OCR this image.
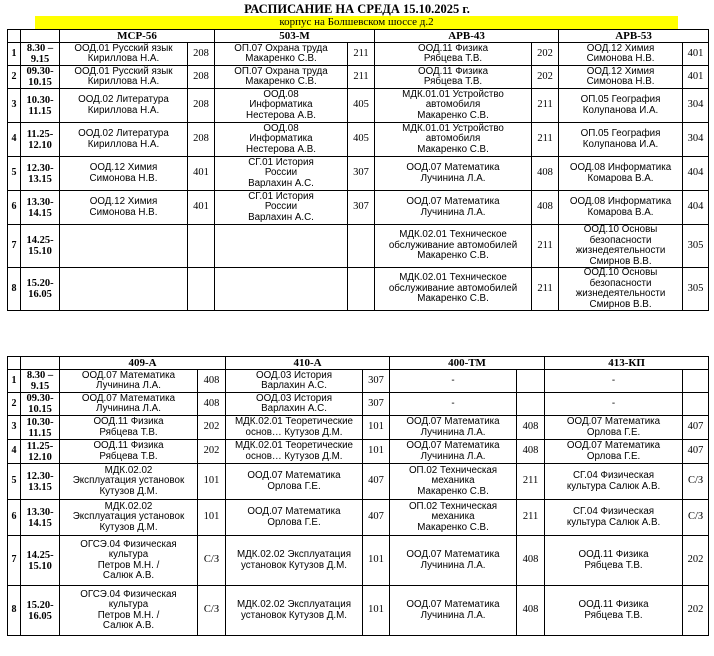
РАСПИСАНИЕ НА СРЕДА 15.10.2025 г.
корпус на Болшевском шоссе д.2
		МСР-56		503-М		АРВ-43		АРВ-53	
1	8.30 –
9.15	ООД.01 Русский язык
Кириллова Н.А.	208	ОП.07 Охрана труда
Макаренко С.В.	211	ООД.11 Физика
Рябцева Т.В.	202	ООД.12 Химия
Симонова Н.В.	401
2	09.30-
10.15	ООД.01 Русский язык
Кириллова Н.А.	208	ОП.07 Охрана труда
Макаренко С.В.	211	ООД.11 Физика
Рябцева Т.В.	202	ООД.12 Химия
Симонова Н.В.	401
3	10.30-
11.15	ООД.02 Литература
Кириллова Н.А.	208	ООД.08
Информатика
Нестерова А.В.	405	МДК.01.01 Устройство
автомобиля
Макаренко С.В.	211	ОП.05 География
Колупанова И.А.	304
4	11.25-
12.10	ООД.02 Литература
Кириллова Н.А.	208	ООД.08
Информатика
Нестерова А.В.	405	МДК.01.01 Устройство
автомобиля
Макаренко С.В.	211	ОП.05 География
Колупанова И.А.	304
5	12.30-
13.15	ООД.12 Химия
Симонова Н.В.	401	СГ.01 История
России
Варлахин А.С.	307	ООД.07 Математика
Лучинина Л.А.	408	ООД.08 Информатика
Комарова В.А.	404
6	13.30-
14.15	ООД.12 Химия
Симонова Н.В.	401	СГ.01 История
России
Варлахин А.С.	307	ООД.07 Математика
Лучинина Л.А.	408	ООД.08 Информатика
Комарова В.А.	404
7	14.25-
15.10					МДК.02.01 Техническое
обслуживание автомобилей
Макаренко С.В.	211	ООД.10 Основы
безопасности
жизнедеятельности
Смирнов В.В.	305
8	15.20-
16.05					МДК.02.01 Техническое
обслуживание автомобилей
Макаренко С.В.	211	ООД.10 Основы
безопасности
жизнедеятельности
Смирнов В.В.	305
		409-А		410-А		400-ТМ		413-КП	
1	8.30 –
9.15	ООД.07 Математика
Лучинина Л.А.	408	ООД.03 История
Варлахин А.С.	307	-		-	

2	09.30-
10.15	ООД.07 Математика
Лучинина Л.А.	408	ООД.03 История
Варлахин А.С.	307	-		-	

3	10.30-
11.15	ООД.11 Физика
Рябцева Т.В.	202	МДК.02.01 Теоретические
основ… Кутузов Д.М.	101	ООД.07 Математика
Лучинина Л.А.	408	ООД.07 Математика
Орлова Г.Е.	407
4	11.25-
12.10	ООД.11 Физика
Рябцева Т.В.	202	МДК.02.01 Теоретические
основ… Кутузов Д.М.	101	ООД.07 Математика
Лучинина Л.А.	408	ООД.07 Математика
Орлова Г.Е.	407
5	12.30-
13.15	МДК.02.02
Эксплуатация установок
Кутузов Д.М.	101	ООД.07 Математика
Орлова Г.Е.	407	ОП.02 Техническая
механика
Макаренко С.В.	211	СГ.04 Физическая
культура Салюк А.В.	С/З
6	13.30-
14.15	МДК.02.02
Эксплуатация установок
Кутузов Д.М.	101	ООД.07 Математика
Орлова Г.Е.	407	ОП.02 Техническая
механика
Макаренко С.В.	211	СГ.04 Физическая
культура Салюк А.В.	С/З
7	14.25-
15.10	ОГСЭ.04 Физическая
культура
Петров М.Н. /
Салюк А.В.	С/З	МДК.02.02 Эксплуатация
установок Кутузов Д.М.	101	ООД.07 Математика
Лучинина Л.А.	408	ООД.11 Физика
Рябцева Т.В.	202
8	15.20-
16.05	ОГСЭ.04 Физическая
культура
Петров М.Н. /
Салюк А.В.	С/З	МДК.02.02 Эксплуатация
установок Кутузов Д.М.	101	ООД.07 Математика
Лучинина Л.А.	408	ООД.11 Физика
Рябцева Т.В.	202
